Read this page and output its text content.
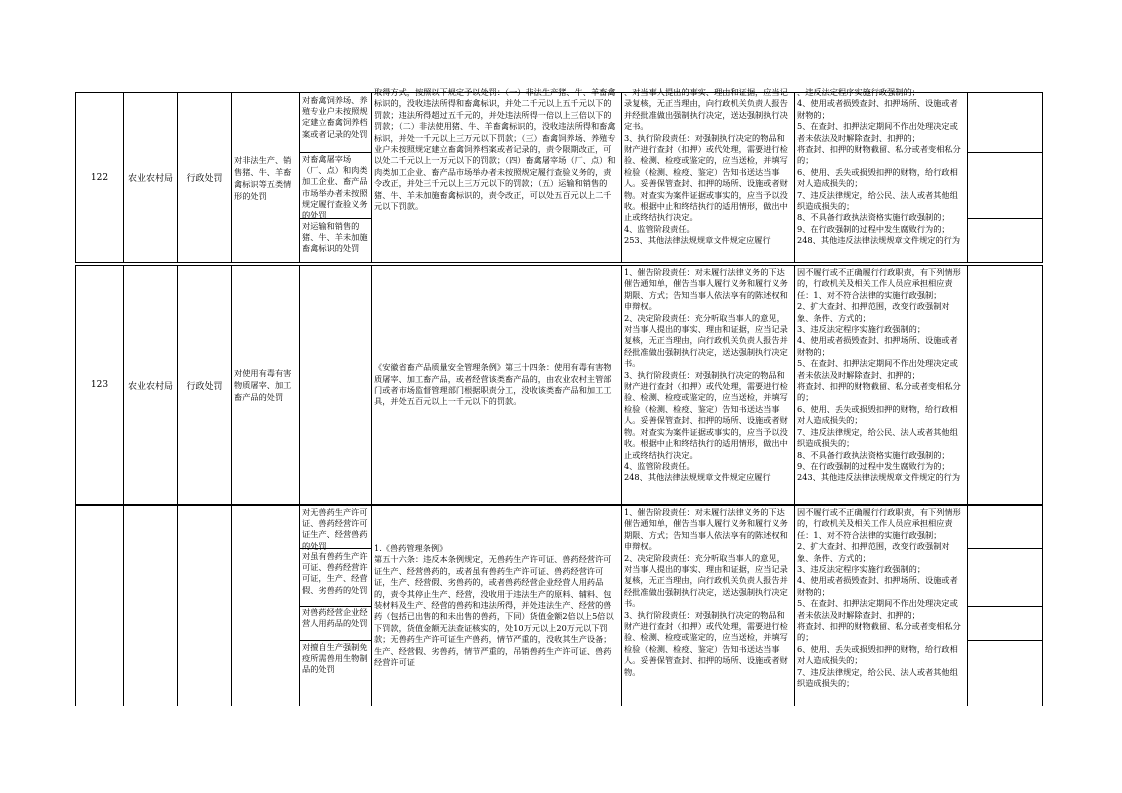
122 农业农村局 行政处罚
对非法生产、销售猪、牛、羊畜禽标识等五类情形的处罚
对畜禽饲养场、养殖专业户未按照规定建立畜禽饲养档案或者记录的处罚
对畜禽屠宰场（厂、点）和肉类加工企业、畜产品市场举办者未按照规定履行查验义务的处罚
对运输和销售的猪、牛、羊未加施畜禽标识的处罚
取得方式，按照以下规定予以处罚：（一）非法生产猪、牛、羊畜禽标识的，没收违法所得和畜禽标识，并处二千元以上五千元以下的罚款；违法所得超过五千元的，并处违法所得一倍以上三倍以下的罚款；（二）非法使用猪、牛、羊畜禽标识的，没收违法所得和畜禽标识，并处一千元以上三万元以下罚款；（三）畜禽饲养场、养殖专业户未按照规定建立畜禽饲养档案或者记录的，责令限期改正，可以处二千元以上一万元以下的罚款；（四）畜禽屠宰场（厂、点）和肉类加工企业、畜产品市场举办者未按照规定履行查验义务的，责令改正，并处三千元以上三万元以下的罚款；（五）运输和销售的猪、牛、羊未加施畜禽标识的，责令改正，可以处五百元以上二千元以下罚款。
、对当事人提出的事实、理由和证据，应当记录复核，无正当理由，向行政机关负责人报告并经批准做出强制执行决定，送达强制执行决定书。
3、执行阶段责任：对强制执行决定的物品和财产进行查封（扣押）或代处理，需要进行检验、检测、检疫或鉴定的，应当送检，并填写检验（检测、检疫、鉴定）告知书送达当事人。妥善保管查封、扣押的场所、设施或者财物。对查实为案件证据或事实的，应当予以没收。根据中止和终结执行的适用情形，做出中止或终结执行决定。
4、监管阶段责任。
253、其他法律法规规章文件规定应履行
、违反法定程序实施行政强制的；
4、使用或者损毁查封、扣押场所、设施或者财物的；
5、在查封、扣押法定期间不作出处理决定或者未依法及时解除查封、扣押的；
将查封、扣押的财物截留、私分或者变相私分的；
6、使用、丢失或损毁扣押的财物，给行政相对人造成损失的；
7、违反法律规定，给公民、法人或者其他组织造成损失的；
8、不具备行政执法资格实施行政强制的；
9、在行政强制的过程中发生腐败行为的；
248、其他违反法律法规规章文件规定的行为
123 农业农村局 行政处罚
对使用有毒有害物质屠宰、加工畜产品的处罚
《安徽省畜产品质量安全管理条例》第三十四条：使用有毒有害物质屠宰、加工畜产品，或者经营该类畜产品的，由农业农村主管部门或者市场监督管理部门根据职责分工，没收该类畜产品和加工工具，并处五百元以上一千元以下的罚款。
1、催告阶段责任：对未履行法律义务的下达催告通知单，催告当事人履行义务和履行义务期限、方式；告知当事人依法享有的陈述权和申辩权。
2、决定阶段责任：充分听取当事人的意见，对当事人提出的事实、理由和证据，应当记录复核，无正当理由，向行政机关负责人报告并经批准做出强制执行决定，送达强制执行决定书。
3、执行阶段责任：对强制执行决定的物品和财产进行查封（扣押）或代处理，需要进行检验、检测、检疫或鉴定的，应当送检，并填写检验（检测、检疫、鉴定）告知书送达当事人。妥善保管查封、扣押的场所、设施或者财物。对查实为案件证据或事实的，应当予以没收。根据中止和终结执行的适用情形，做出中止或终结执行决定。
4、监管阶段责任。
248、其他法律法规规章文件规定应履行
因不履行或不正确履行行政职责，有下列情形的，行政机关及相关工作人员应承担相应责任：1、对不符合法律的实施行政强制；
2、扩大查封、扣押范围，改变行政强制对象、条件、方式的；
3、违反法定程序实施行政强制的；
4、使用或者损毁查封、扣押场所、设施或者财物的；
5、在查封、扣押法定期间不作出处理决定或者未依法及时解除查封、扣押的；
将查封、扣押的财物截留、私分或者变相私分的；
6、使用、丢失或损毁扣押的财物，给行政相对人造成损失的；
7、违反法律规定，给公民、法人或者其他组织造成损失的；
8、不具备行政执法资格实施行政强制的；
9、在行政强制的过程中发生腐败行为的；
243、其他违反法律法规规章文件规定的行为
对无兽药生产许可证、兽药经营许可证生产、经营兽药的处罚
对虽有兽药生产许可证、兽药经营许可证，生产、经营假、劣兽药的处罚
对兽药经营企业经营人用药品的处罚
对擅自生产强制免疫所需兽用生物制品的处罚
1.《兽药管理条例》
第五十六条：违反本条例规定，无兽药生产许可证、兽药经营许可证生产、经营兽药的，或者虽有兽药生产许可证、兽药经营许可证，生产、经营假、劣兽药的，或者兽药经营企业经营人用药品的，责令其停止生产、经营，没收用于违法生产的原料、辅料、包装材料及生产、经营的兽药和违法所得，并处违法生产、经营的兽药（包括已出售的和未出售的兽药，下同）货值金额2倍以上5倍以下罚款，货值金额无法查证核实的，处10万元以上20万元以下罚款；无兽药生产许可证生产兽药，情节严重的，没收其生产设备；生产、经营假、劣兽药，情节严重的，吊销兽药生产许可证、兽药经营许可证
1、催告阶段责任：对未履行法律义务的下达催告通知单，催告当事人履行义务和履行义务期限、方式；告知当事人依法享有的陈述权和申辩权。
2、决定阶段责任：充分听取当事人的意见，对当事人提出的事实、理由和证据，应当记录复核，无正当理由，向行政机关负责人报告并经批准做出强制执行决定，送达强制执行决定书。
3、执行阶段责任：对强制执行决定的物品和财产进行查封（扣押）或代处理，需要进行检验、检测、检疫或鉴定的，应当送检，并填写检验（检测、检疫、鉴定）告知书送达当事人。妥善保管查封、扣押的场所、设施或者财物。
因不履行或不正确履行行政职责，有下列情形的，行政机关及相关工作人员应承担相应责任：1、对不符合法律的实施行政强制；
2、扩大查封、扣押范围，改变行政强制对象、条件、方式的；
3、违反法定程序实施行政强制的；
4、使用或者损毁查封、扣押场所、设施或者财物的；
5、在查封、扣押法定期间不作出处理决定或者未依法及时解除查封、扣押的；
将查封、扣押的财物截留、私分或者变相私分的；
6、使用、丢失或损毁扣押的财物，给行政相对人造成损失的；
7、违反法律规定，给公民、法人或者其他组织造成损失的；
